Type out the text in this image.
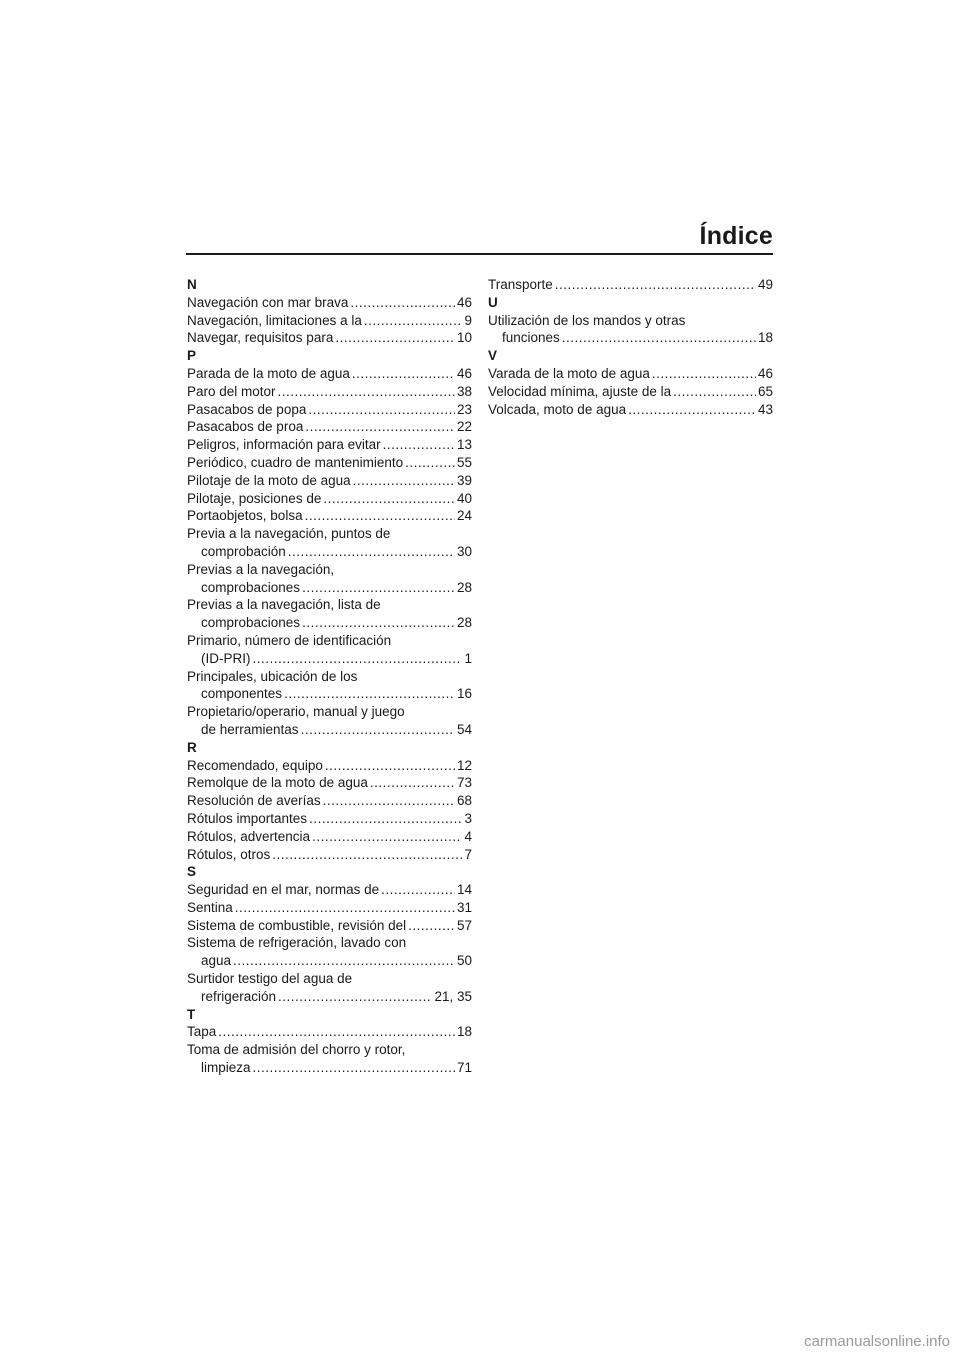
Índice
N
Navegación con mar brava .....	46
Navegación, limitaciones a la .....	9
Navegar, requisitos para .....	10
P
Parada de la moto de agua .....	46
Paro del motor .....	38
Pasacabos de popa .....	23
Pasacabos de proa .....	22
Peligros, información para evitar .....	13
Periódico, cuadro de mantenimiento .....	55
Pilotaje de la moto de agua .....	39
Pilotaje, posiciones de .....	40
Portaobjetos, bolsa .....	24
Previa a la navegación, puntos de
comprobación .....	30
Previas a la navegación,
comprobaciones .....	28
Previas a la navegación, lista de
comprobaciones .....	28
Primario, número de identificación
(ID-PRI) .....	1
Principales, ubicación de los
componentes .....	16
Propietario/operario, manual y juego
de herramientas .....	54
R
Recomendado, equipo .....	12
Remolque de la moto de agua .....	73
Resolución de averías .....	68
Rótulos importantes .....	3
Rótulos, advertencia .....	4
Rótulos, otros .....	7
S
Seguridad en el mar, normas de .....	14
Sentina .....	31
Sistema de combustible, revisión del .....	57
Sistema de refrigeración, lavado con
agua .....	50
Surtidor testigo del agua de
refrigeración .....	21, 35
T
Tapa .....	18
Toma de admisión del chorro y rotor,
limpieza .....	71
Transporte .....	49
U
Utilización de los mandos y otras
funciones .....	18
V
Varada de la moto de agua .....	46
Velocidad mínima, ajuste de la .....	65
Volcada, moto de agua .....	43
carmanualsonline.info
